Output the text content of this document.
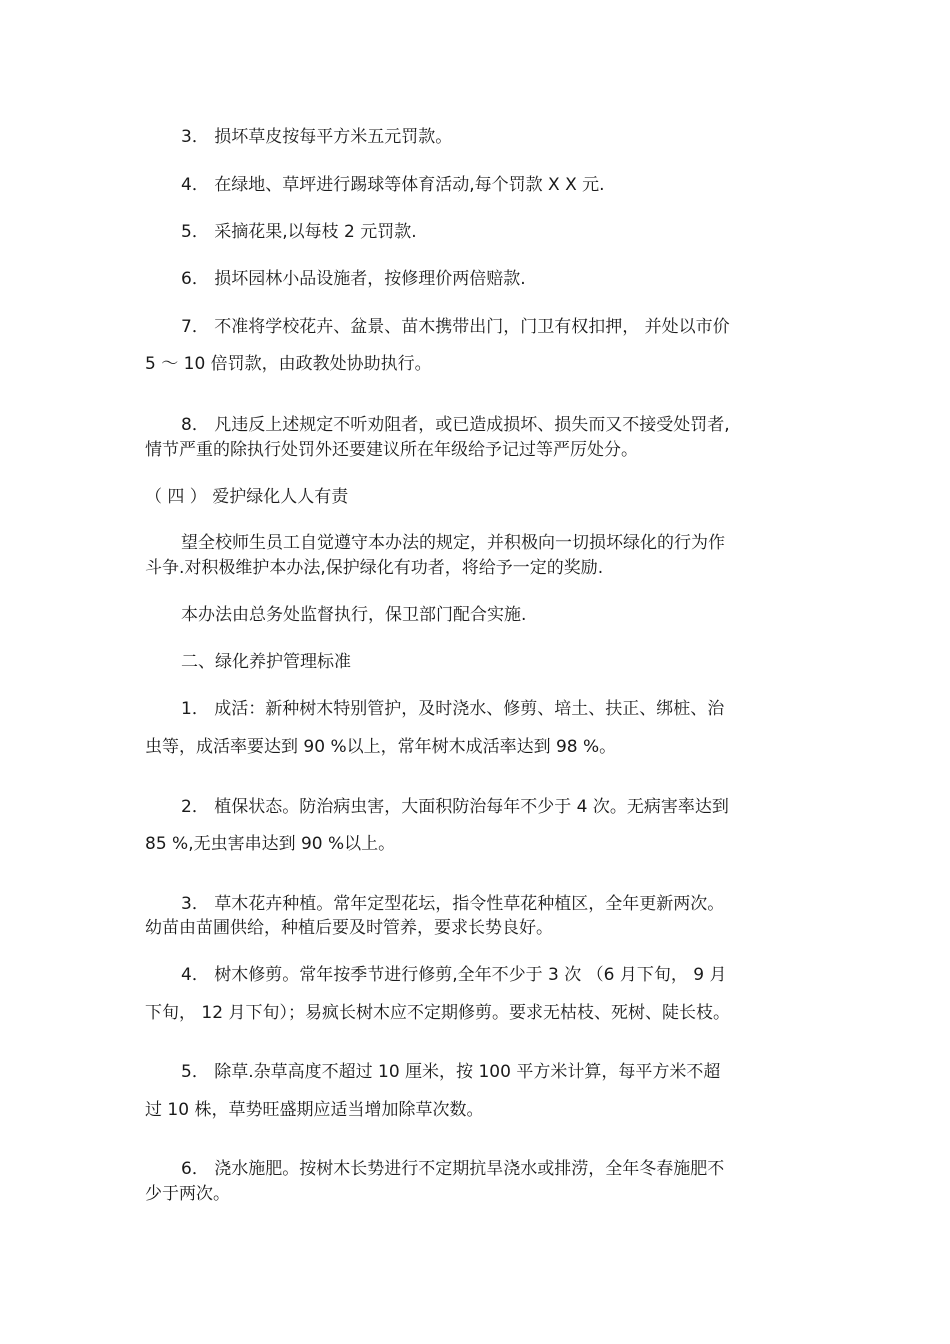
3． 损坏草皮按每平方米五元罚款。
4． 在绿地、草坪进行踢球等体育活动,每个罚款 X X 元.
5． 采摘花果,以每枝 2 元罚款.
6． 损坏园林小品设施者，按修理价两倍赔款.
7． 不准将学校花卉、盆景、苗木携带出门，门卫有权扣押， 并处以市价
5 ～ 10 倍罚款，由政教处协助执行。
8． 凡违反上述规定不听劝阻者，或已造成损坏、损失而又不接受处罚者,
情节严重的除执行处罚外还要建议所在年级给予记过等严厉处分。
（ 四 ） 爱护绿化人人有责
望全校师生员工自觉遵守本办法的规定，并积极向一切损坏绿化的行为作
斗争.对积极维护本办法,保护绿化有功者，将给予一定的奖励.
本办法由总务处监督执行，保卫部门配合实施.
二、绿化养护管理标准
1． 成活：新种树木特别管护，及时浇水、修剪、培土、扶正、绑桩、治
虫等，成活率要达到 90 %以上，常年树木成活率达到 98 %。
2． 植保状态。防治病虫害，大面积防治每年不少于 4 次。无病害率达到
85 %,无虫害串达到 90 %以上。
3． 草木花卉种植。常年定型花坛，指令性草花种植区，全年更新两次。
幼苗由苗圃供给，种植后要及时管养，要求长势良好。
4． 树木修剪。常年按季节进行修剪,全年不少于 3 次 （6 月下旬， 9 月
下旬， 12 月下旬）；易疯长树木应不定期修剪。要求无枯枝、死树、陡长枝。
5． 除草.杂草高度不超过 10 厘米，按 100 平方米计算，每平方米不超
过 10 株，草势旺盛期应适当增加除草次数。
6． 浇水施肥。按树木长势进行不定期抗旱浇水或排涝，全年冬春施肥不
少于两次。
